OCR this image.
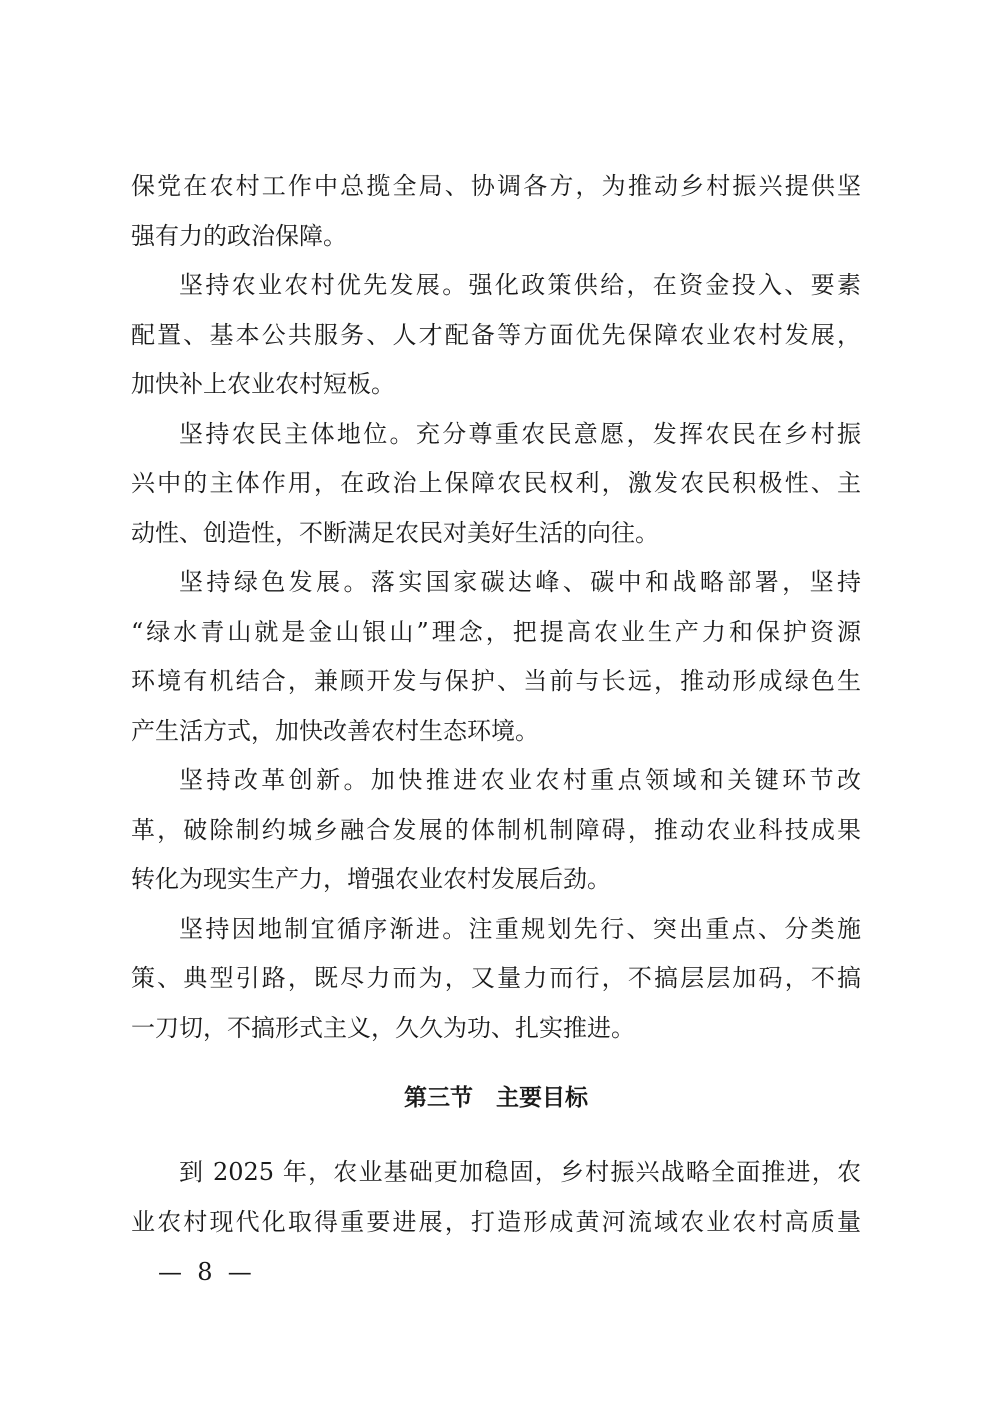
保党在农村工作中总揽全局、协调各方，为推动乡村振兴提供坚
强有力的政治保障。
坚持农业农村优先发展。强化政策供给，在资金投入、要素
配置、基本公共服务、人才配备等方面优先保障农业农村发展，
加快补上农业农村短板。
坚持农民主体地位。充分尊重农民意愿，发挥农民在乡村振
兴中的主体作用，在政治上保障农民权利，激发农民积极性、主
动性、创造性，不断满足农民对美好生活的向往。
坚持绿色发展。落实国家碳达峰、碳中和战略部署，坚持
“绿水青山就是金山银山”理念，把提高农业生产力和保护资源
环境有机结合，兼顾开发与保护、当前与长远，推动形成绿色生
产生活方式，加快改善农村生态环境。
坚持改革创新。加快推进农业农村重点领域和关键环节改
革，破除制约城乡融合发展的体制机制障碍，推动农业科技成果
转化为现实生产力，增强农业农村发展后劲。
坚持因地制宜循序渐进。注重规划先行、突出重点、分类施
策、典型引路，既尽力而为，又量力而行，不搞层层加码，不搞
一刀切，不搞形式主义，久久为功、扎实推进。
第三节　主要目标
到 2025 年，农业基础更加稳固，乡村振兴战略全面推进，农
业农村现代化取得重要进展，打造形成黄河流域农业农村高质量
—  8  —
